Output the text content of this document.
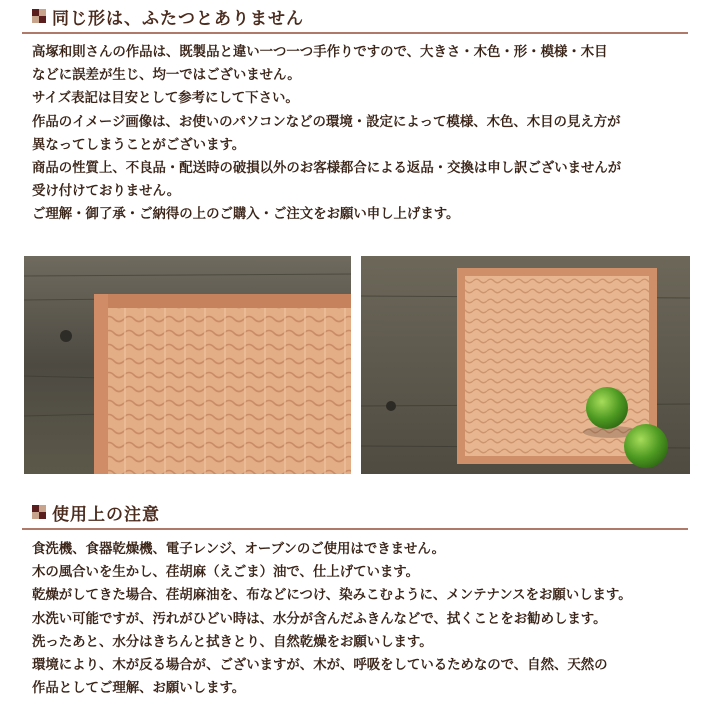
同じ形は、ふたつとありません
高塚和則さんの作品は、既製品と違い一つ一つ手作りですので、大きさ・木色・形・模様・木目
などに誤差が生じ、均一ではございません。
サイズ表記は目安として参考にして下さい。
作品のイメージ画像は、お使いのパソコンなどの環境・設定によって模様、木色、木目の見え方が
異なってしまうことがございます。
商品の性質上、不良品・配送時の破損以外のお客様都合による返品・交換は申し訳ございませんが
受け付けておりません。
ご理解・御了承・ご納得の上のご購入・ご注文をお願い申し上げます。
使用上の注意
食洗機、食器乾燥機、電子レンジ、オーブンのご使用はできません。
木の風合いを生かし、荏胡麻（えごま）油で、仕上げています。
乾燥がしてきた場合、荏胡麻油を、布などにつけ、染みこむように、メンテナンスをお願いします。
水洗い可能ですが、汚れがひどい時は、水分が含んだふきんなどで、拭くことをお勧めします。
洗ったあと、水分はきちんと拭きとり、自然乾燥をお願いします。
環境により、木が反る場合が、ございますが、木が、呼吸をしているためなので、自然、天然の
作品としてご理解、お願いします。
